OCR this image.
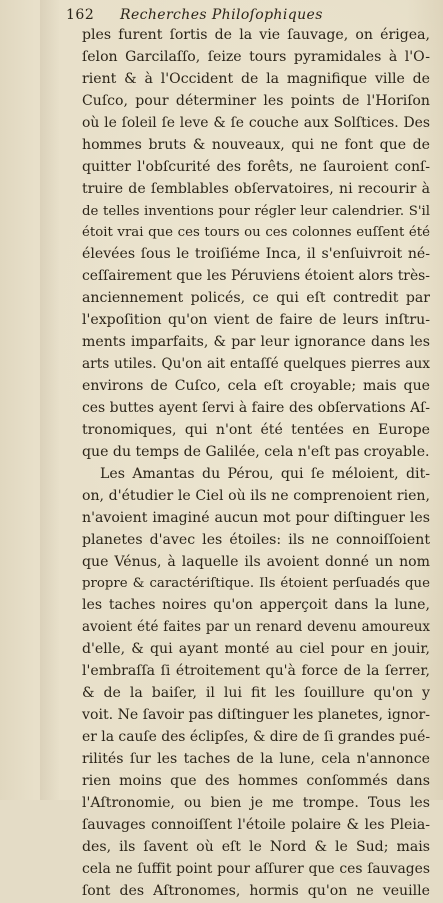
162 Recherches Philoſophiques
ples furent ſortis de la vie ſauvage, on érigea,
ſelon Garcilaſſo, ſeize tours pyramidales à l'O-
rient & à l'Occident de la magnifique ville de
Cuſco, pour déterminer les points de l'Horiſon
où le ſoleil ſe leve & ſe couche aux Solſtices. Des
hommes bruts & nouveaux, qui ne font que de
quitter l'obſcurité des forêts, ne ſauroient conſ-
truire de ſemblables obſervatoires, ni recourir à
de telles inventions pour régler leur calendrier. S'il
étoit vrai que ces tours ou ces colonnes euſſent été
élevées ſous le troiſiéme Inca, il s'enſuivroit né-
ceſſairement que les Péruviens étoient alors très-
anciennement policés, ce qui eſt contredit par
l'expoſition qu'on vient de faire de leurs inſtru-
ments imparfaits, & par leur ignorance dans les
arts utiles. Qu'on ait entaſſé quelques pierres aux
environs de Cuſco, cela eſt croyable; mais que
ces buttes ayent ſervi à faire des obſervations Aſ-
tronomiques, qui n'ont été tentées en Europe
que du temps de Galilée, cela n'eſt pas croyable.
Les Amantas du Pérou, qui ſe méloient, dit-
on, d'étudier le Ciel où ils ne comprenoient rien,
n'avoient imaginé aucun mot pour diſtinguer les
planetes d'avec les étoiles: ils ne connoiſſoient
que Vénus, à laquelle ils avoient donné un nom
propre & caractériſtique. Ils étoient perſuadés que
les taches noires qu'on apperçoit dans la lune,
avoient été faites par un renard devenu amoureux
d'elle, & qui ayant monté au ciel pour en jouir,
l'embraſſa ſi étroitement qu'à force de la ſerrer,
& de la baiſer, il lui fit les ſouillure qu'on y
voit. Ne ſavoir pas diſtinguer les planetes, ignor-
er la cauſe des éclipſes, & dire de ſi grandes pué-
rilités ſur les taches de la lune, cela n'annonce
rien moins que des hommes conſommés dans
l'Aſtronomie, ou bien je me trompe. Tous les
ſauvages connoiſſent l'étoile polaire & les Pleia-
des, ils ſavent où eſt le Nord & le Sud; mais
cela ne ſuffit point pour aſſurer que ces ſauvages
ſont des Aſtronomes, hormis qu'on ne veuille
